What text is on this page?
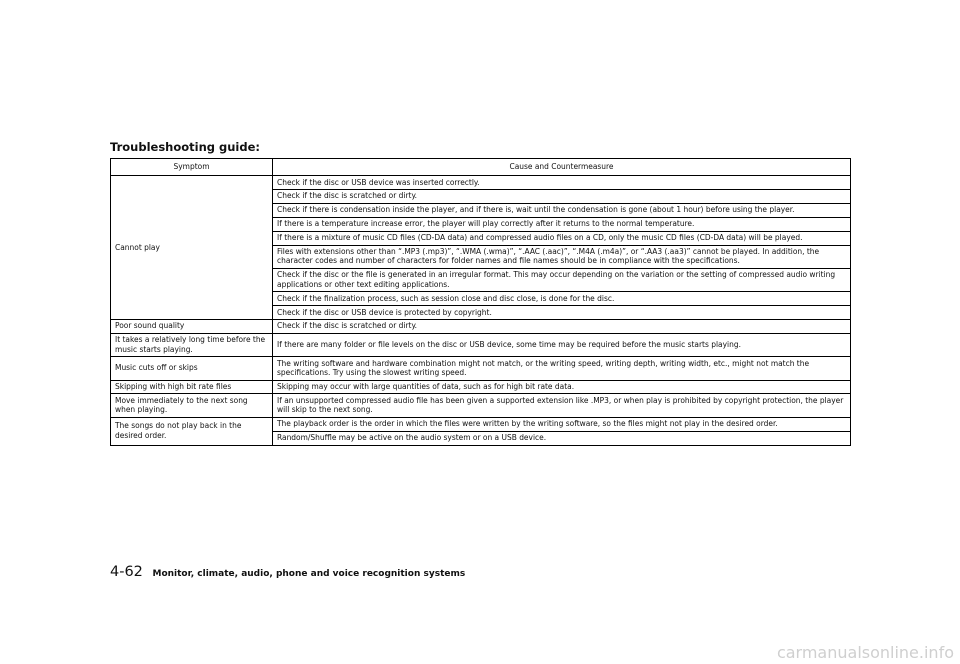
Troubleshooting guide:
Symptom	Cause and Countermeasure
Cannot play	Check if the disc or USB device was inserted correctly.
	Check if the disc is scratched or dirty.
	Check if there is condensation inside the player, and if there is, wait until the condensation is gone (about 1 hour) before using the player.
	If there is a temperature increase error, the player will play correctly after it returns to the normal temperature.
	If there is a mixture of music CD files (CD-DA data) and compressed audio files on a CD, only the music CD files (CD-DA data) will be played.
	Files with extensions other than “.MP3 (.mp3)”, “.WMA (.wma)”, “.AAC (.aac)”, “.M4A (.m4a)”, or “.AA3 (.aa3)” cannot be played. In addition, the character codes and number of characters for folder names and file names should be in compliance with the specifications.
	Check if the disc or the file is generated in an irregular format. This may occur depending on the variation or the setting of compressed audio writing applications or other text editing applications.
	Check if the finalization process, such as session close and disc close, is done for the disc.
	Check if the disc or USB device is protected by copyright.
Poor sound quality	Check if the disc is scratched or dirty.
It takes a relatively long time before the music starts playing.	If there are many folder or file levels on the disc or USB device, some time may be required before the music starts playing.
Music cuts off or skips	The writing software and hardware combination might not match, or the writing speed, writing depth, writing width, etc., might not match the specifications. Try using the slowest writing speed.
Skipping with high bit rate files	Skipping may occur with large quantities of data, such as for high bit rate data.
Move immediately to the next song when playing.	If an unsupported compressed audio file has been given a supported extension like .MP3, or when play is prohibited by copyright protection, the player will skip to the next song.
The songs do not play back in the desired order.	The playback order is the order in which the files were written by the writing software, so the files might not play in the desired order.
	Random/Shuffle may be active on the audio system or on a USB device.
4-62 Monitor, climate, audio, phone and voice recognition systems
carmanualsonline.info
